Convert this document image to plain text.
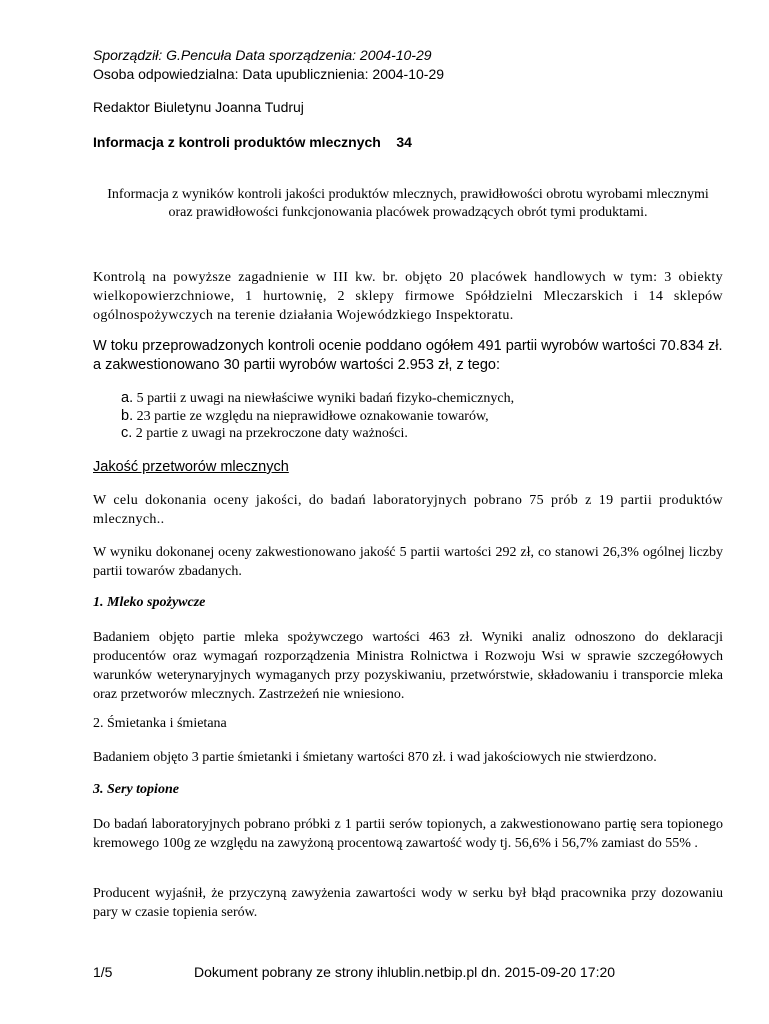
Sporządził: G.Pencuła Data sporządzenia: 2004-10-29
Osoba odpowiedzialna: Data upublicznienia: 2004-10-29
Redaktor Biuletynu Joanna Tudruj
Informacja z kontroli produktów mlecznych    34
Informacja z wyników kontroli jakości produktów mlecznych, prawidłowości obrotu wyrobami mlecznymi
oraz prawidłowości funkcjonowania placówek prowadzących obrót tymi produktami.
Kontrolą na powyższe zagadnienie w III kw. br. objęto 20 placówek handlowych w tym: 3 obiekty wielkopowierzchniowe, 1 hurtownię, 2 sklepy firmowe Spółdzielni Mleczarskich i 14 sklepów ogólnospożywczych na terenie działania Wojewódzkiego Inspektoratu.
W toku przeprowadzonych kontroli ocenie poddano ogółem 491 partii wyrobów wartości 70.834 zł. a zakwestionowano 30 partii wyrobów wartości 2.953 zł, z tego:
a. 5 partii z uwagi na niewłaściwe wyniki badań fizyko-chemicznych,
b. 23 partie ze względu na nieprawidłowe oznakowanie towarów,
c. 2 partie z uwagi na przekroczone daty ważności.
Jakość przetworów mlecznych
W celu dokonania oceny jakości, do badań laboratoryjnych pobrano 75 prób z 19 partii produktów mlecznych..
W wyniku dokonanej oceny zakwestionowano jakość 5 partii wartości 292 zł, co stanowi 26,3% ogólnej liczby partii towarów zbadanych.
1. Mleko spożywcze
Badaniem objęto partie mleka spożywczego wartości 463 zł. Wyniki analiz odnoszono do deklaracji producentów oraz wymagań rozporządzenia Ministra Rolnictwa i Rozwoju Wsi w sprawie szczegółowych warunków weterynaryjnych wymaganych przy pozyskiwaniu, przetwórstwie, składowaniu i transporcie mleka oraz przetworów mlecznych. Zastrzeżeń nie wniesiono.
2. Śmietanka i śmietana
Badaniem objęto 3 partie śmietanki i śmietany wartości 870 zł. i wad jakościowych nie stwierdzono.
3. Sery topione
Do badań laboratoryjnych pobrano próbki z 1 partii serów topionych, a zakwestionowano partię sera topionego kremowego 100g ze względu na zawyżoną procentową zawartość wody tj. 56,6% i 56,7% zamiast do 55% .
Producent wyjaśnił, że przyczyną zawyżenia zawartości wody w serku był błąd pracownika przy dozowaniu pary w czasie topienia serów.
1/5	Dokument pobrany ze strony ihlublin.netbip.pl dn. 2015-09-20 17:20
